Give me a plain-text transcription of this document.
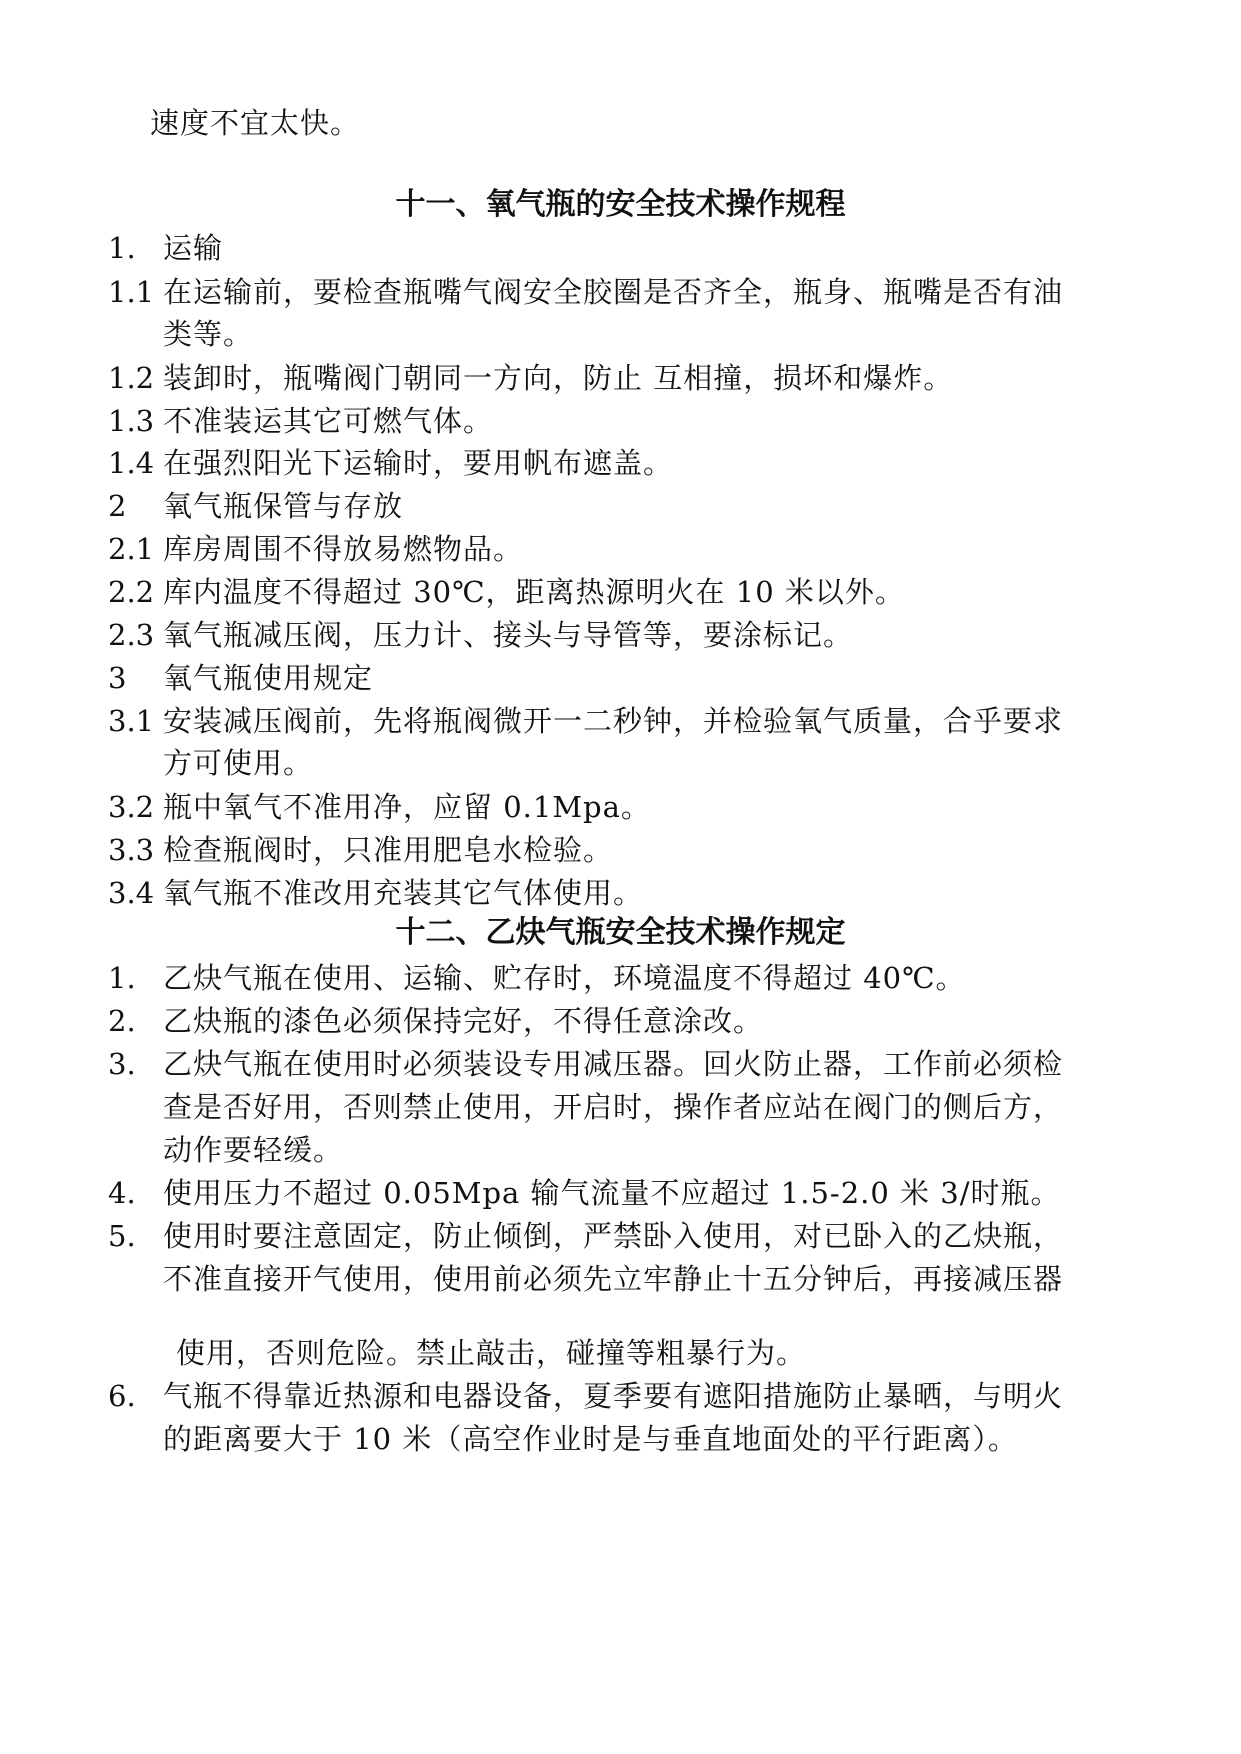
速度不宜太快。
十一、氧气瓶的安全技术操作规程
1. 运输
1.1 在运输前，要检查瓶嘴气阀安全胶圈是否齐全，瓶身、瓶嘴是否有油
类等。
1.2 装卸时，瓶嘴阀门朝同一方向，防止 互相撞，损坏和爆炸。
1.3 不准装运其它可燃气体。
1.4 在强烈阳光下运输时，要用帆布遮盖。
2 氧气瓶保管与存放
2.1 库房周围不得放易燃物品。
2.2 库内温度不得超过 30℃，距离热源明火在 10 米以外。
2.3 氧气瓶减压阀，压力计、接头与导管等，要涂标记。
3 氧气瓶使用规定
3.1 安装减压阀前，先将瓶阀微开一二秒钟，并检验氧气质量，合乎要求
方可使用。
3.2 瓶中氧气不准用净，应留 0.1Mpa。
3.3 检查瓶阀时，只准用肥皂水检验。
3.4 氧气瓶不准改用充装其它气体使用。
十二、乙炔气瓶安全技术操作规定
1. 乙炔气瓶在使用、运输、贮存时，环境温度不得超过 40℃。
2. 乙炔瓶的漆色必须保持完好，不得任意涂改。
3. 乙炔气瓶在使用时必须装设专用减压器。回火防止器，工作前必须检
查是否好用，否则禁止使用，开启时，操作者应站在阀门的侧后方，
动作要轻缓。
4. 使用压力不超过 0.05Mpa 输气流量不应超过 1.5-2.0 米 3/时瓶。
5. 使用时要注意固定，防止倾倒，严禁卧入使用，对已卧入的乙炔瓶，
不准直接开气使用，使用前必须先立牢静止十五分钟后，再接减压器
使用，否则危险。禁止敲击，碰撞等粗暴行为。
6. 气瓶不得靠近热源和电器设备，夏季要有遮阳措施防止暴晒，与明火
的距离要大于 10 米（高空作业时是与垂直地面处的平行距离）。
